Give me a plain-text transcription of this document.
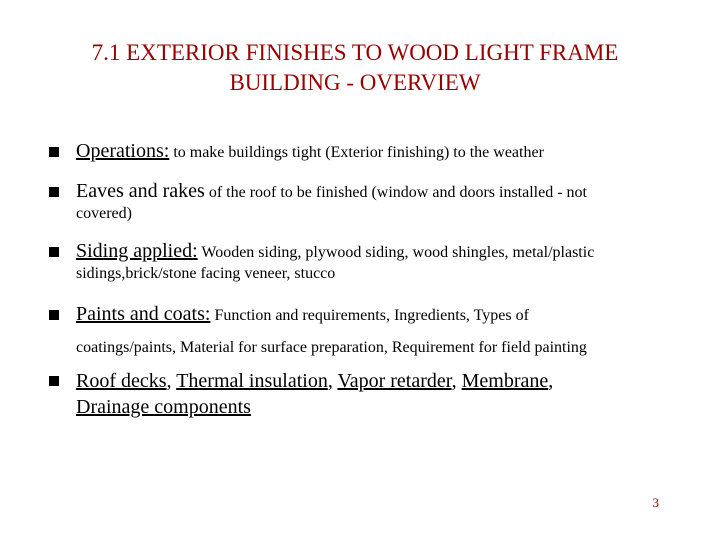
7.1 EXTERIOR FINISHES TO WOOD LIGHT FRAME
BUILDING - OVERVIEW
Operations: to make buildings tight (Exterior finishing) to the weather
Eaves and rakes of the roof to be finished (window and doors installed - not
covered)
Siding applied: Wooden siding, plywood siding, wood shingles, metal/plastic
sidings,brick/stone facing veneer, stucco
Paints and coats: Function and requirements, Ingredients, Types of
coatings/paints, Material for surface preparation, Requirement for field painting
Roof decks, Thermal insulation, Vapor retarder, Membrane,
Drainage components
3
